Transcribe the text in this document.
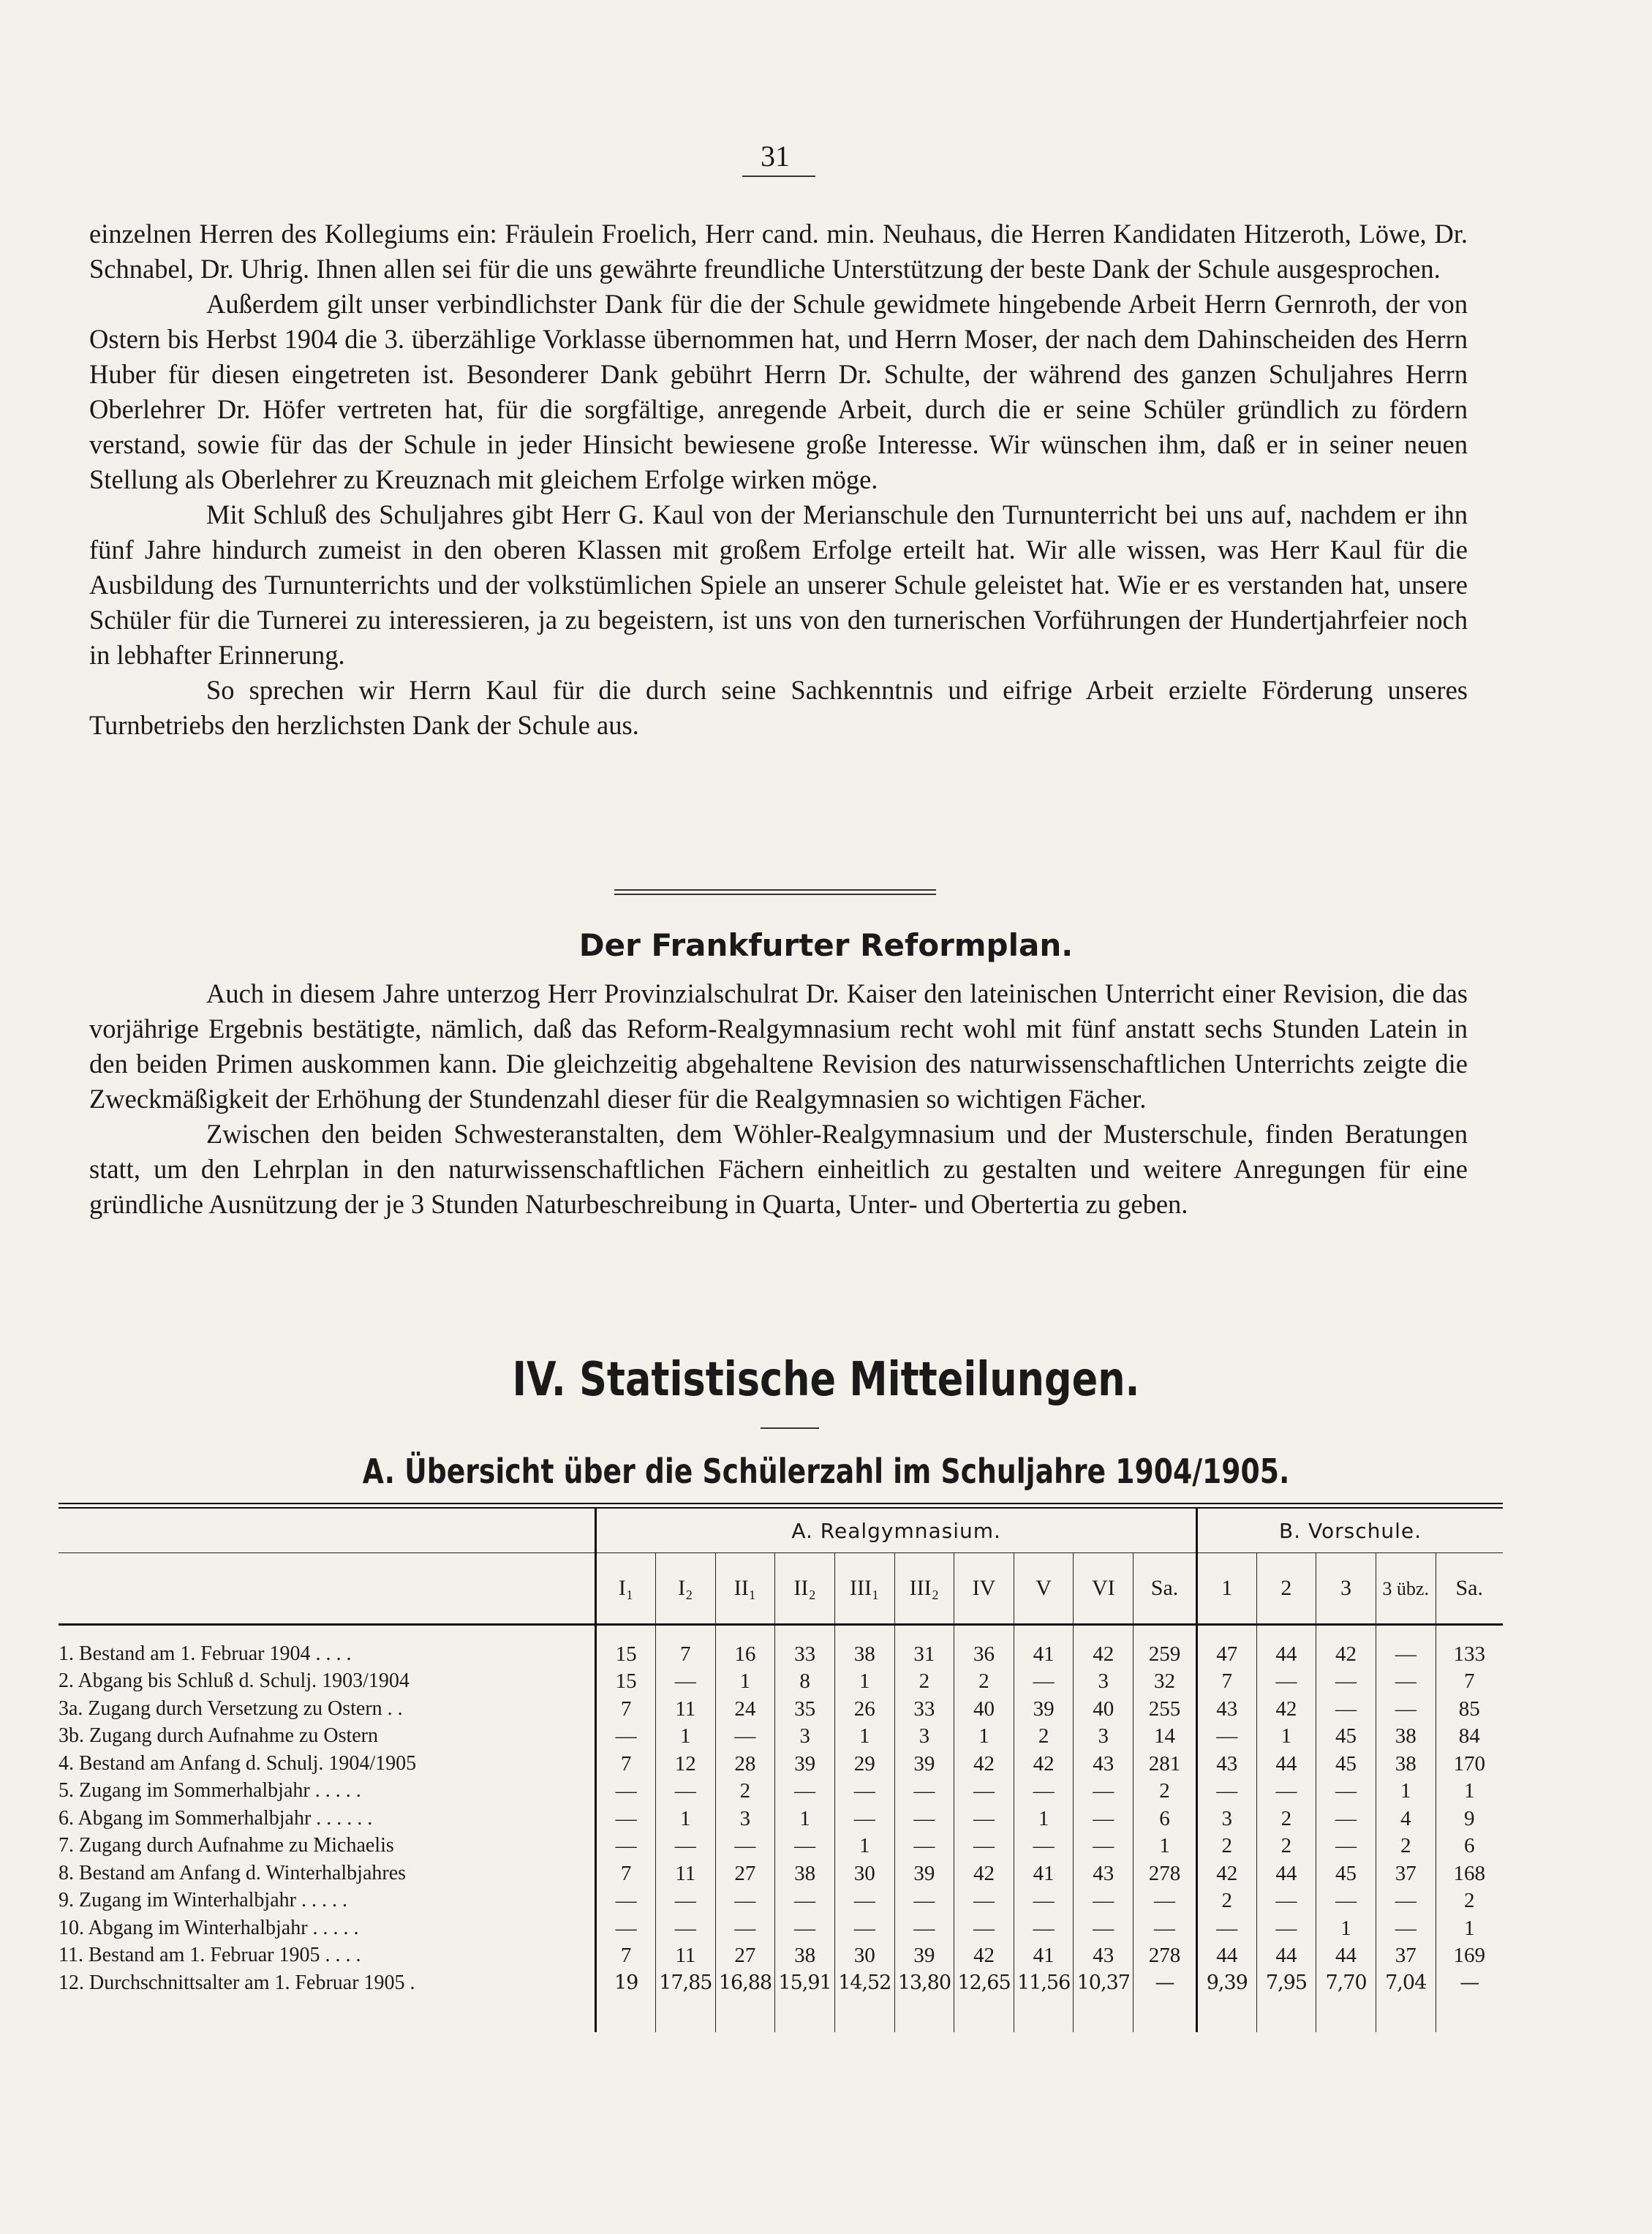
31

einzelnen Herren des Kollegiums ein: Fräulein Froelich, Herr cand. min. Neuhaus, die Herren Kandidaten Hitzeroth, Löwe, Dr. Schnabel, Dr. Uhrig. Ihnen allen sei für die uns gewährte freundliche Unterstützung der beste Dank der Schule ausgesprochen.

Außerdem gilt unser verbindlichster Dank für die der Schule gewidmete hingebende Arbeit Herrn Gernroth, der von Ostern bis Herbst 1904 die 3. überzählige Vorklasse übernommen hat, und Herrn Moser, der nach dem Dahinscheiden des Herrn Huber für diesen eingetreten ist. Besonderer Dank gebührt Herrn Dr. Schulte, der während des ganzen Schuljahres Herrn Oberlehrer Dr. Höfer vertreten hat, für die sorgfältige, anregende Arbeit, durch die er seine Schüler gründlich zu fördern verstand, sowie für das der Schule in jeder Hinsicht bewiesene große Interesse. Wir wünschen ihm, daß er in seiner neuen Stellung als Oberlehrer zu Kreuznach mit gleichem Erfolge wirken möge.

Mit Schluß des Schuljahres gibt Herr G. Kaul von der Merianschule den Turnunterricht bei uns auf, nachdem er ihn fünf Jahre hindurch zumeist in den oberen Klassen mit großem Erfolge erteilt hat. Wir alle wissen, was Herr Kaul für die Ausbildung des Turnunterrichts und der volkstümlichen Spiele an unserer Schule geleistet hat. Wie er es verstanden hat, unsere Schüler für die Turnerei zu interessieren, ja zu begeistern, ist uns von den turnerischen Vorführungen der Hundertjahrfeier noch in lebhafter Erinnerung.

So sprechen wir Herrn Kaul für die durch seine Sachkenntnis und eifrige Arbeit erzielte Förderung unseres Turnbetriebs den herzlichsten Dank der Schule aus.

Der Frankfurter Reformplan.

Auch in diesem Jahre unterzog Herr Provinzialschulrat Dr. Kaiser den lateinischen Unterricht einer Revision, die das vorjährige Ergebnis bestätigte, nämlich, daß das Reform-Realgymnasium recht wohl mit fünf anstatt sechs Stunden Latein in den beiden Primen auskommen kann. Die gleichzeitig abgehaltene Revision des naturwissenschaftlichen Unterrichts zeigte die Zweckmäßigkeit der Erhöhung der Stundenzahl dieser für die Realgymnasien so wichtigen Fächer.

Zwischen den beiden Schwesteranstalten, dem Wöhler-Realgymnasium und der Musterschule, finden Beratungen statt, um den Lehrplan in den naturwissenschaftlichen Fächern einheitlich zu gestalten und weitere Anregungen für eine gründliche Ausnützung der je 3 Stunden Naturbeschreibung in Quarta, Unter- und Obertertia zu geben.

IV. Statistische Mitteilungen.
A. Übersicht über die Schülerzahl im Schuljahre 1904/1905.
	A. Realgymnasium.										B. Vorschule.				
	I₁	I₂	II₁	II₂	III₁	III₂	IV	V	VI	Sa.	1	2	3	3 übz.	Sa.

1. Bestand am 1. Februar 1904 . . . .	15	7	16	33	38	31	36	41	42	259	47	44	42	—	133
2. Abgang bis Schluß d. Schulj. 1903/1904	15	—	1	8	1	2	2	—	3	32	7	—	—	—	7
3a. Zugang durch Versetzung zu Ostern . .	7	11	24	35	26	33	40	39	40	255	43	42	—	—	85
3b. Zugang durch Aufnahme zu Ostern	—	1	—	3	1	3	1	2	3	14	—	1	45	38	84
4. Bestand am Anfang d. Schulj. 1904/1905	7	12	28	39	29	39	42	42	43	281	43	44	45	38	170
5. Zugang im Sommerhalbjahr . . . . .	—	—	2	—	—	—	—	—	—	2	—	—	—	1	1
6. Abgang im Sommerhalbjahr . . . . . .	—	1	3	1	—	—	—	1	—	6	3	2	—	4	9
7. Zugang durch Aufnahme zu Michaelis	—	—	—	—	1	—	—	—	—	1	2	2	—	2	6
8. Bestand am Anfang d. Winterhalbjahres	7	11	27	38	30	39	42	41	43	278	42	44	45	37	168
9. Zugang im Winterhalbjahr . . . . .	—	—	—	—	—	—	—	—	—	—	2	—	—	—	2
10. Abgang im Winterhalbjahr . . . . .	—	—	—	—	—	—	—	—	—	—	—	—	1	—	1
11. Bestand am 1. Februar 1905 . . . .	7	11	27	38	30	39	42	41	43	278	44	44	44	37	169
12. Durchschnittsalter am 1. Februar 1905 .	19	17,85	16,88	15,91	14,52	13,80	12,65	11,56	10,37	—	9,39	7,95	7,70	7,04	—
